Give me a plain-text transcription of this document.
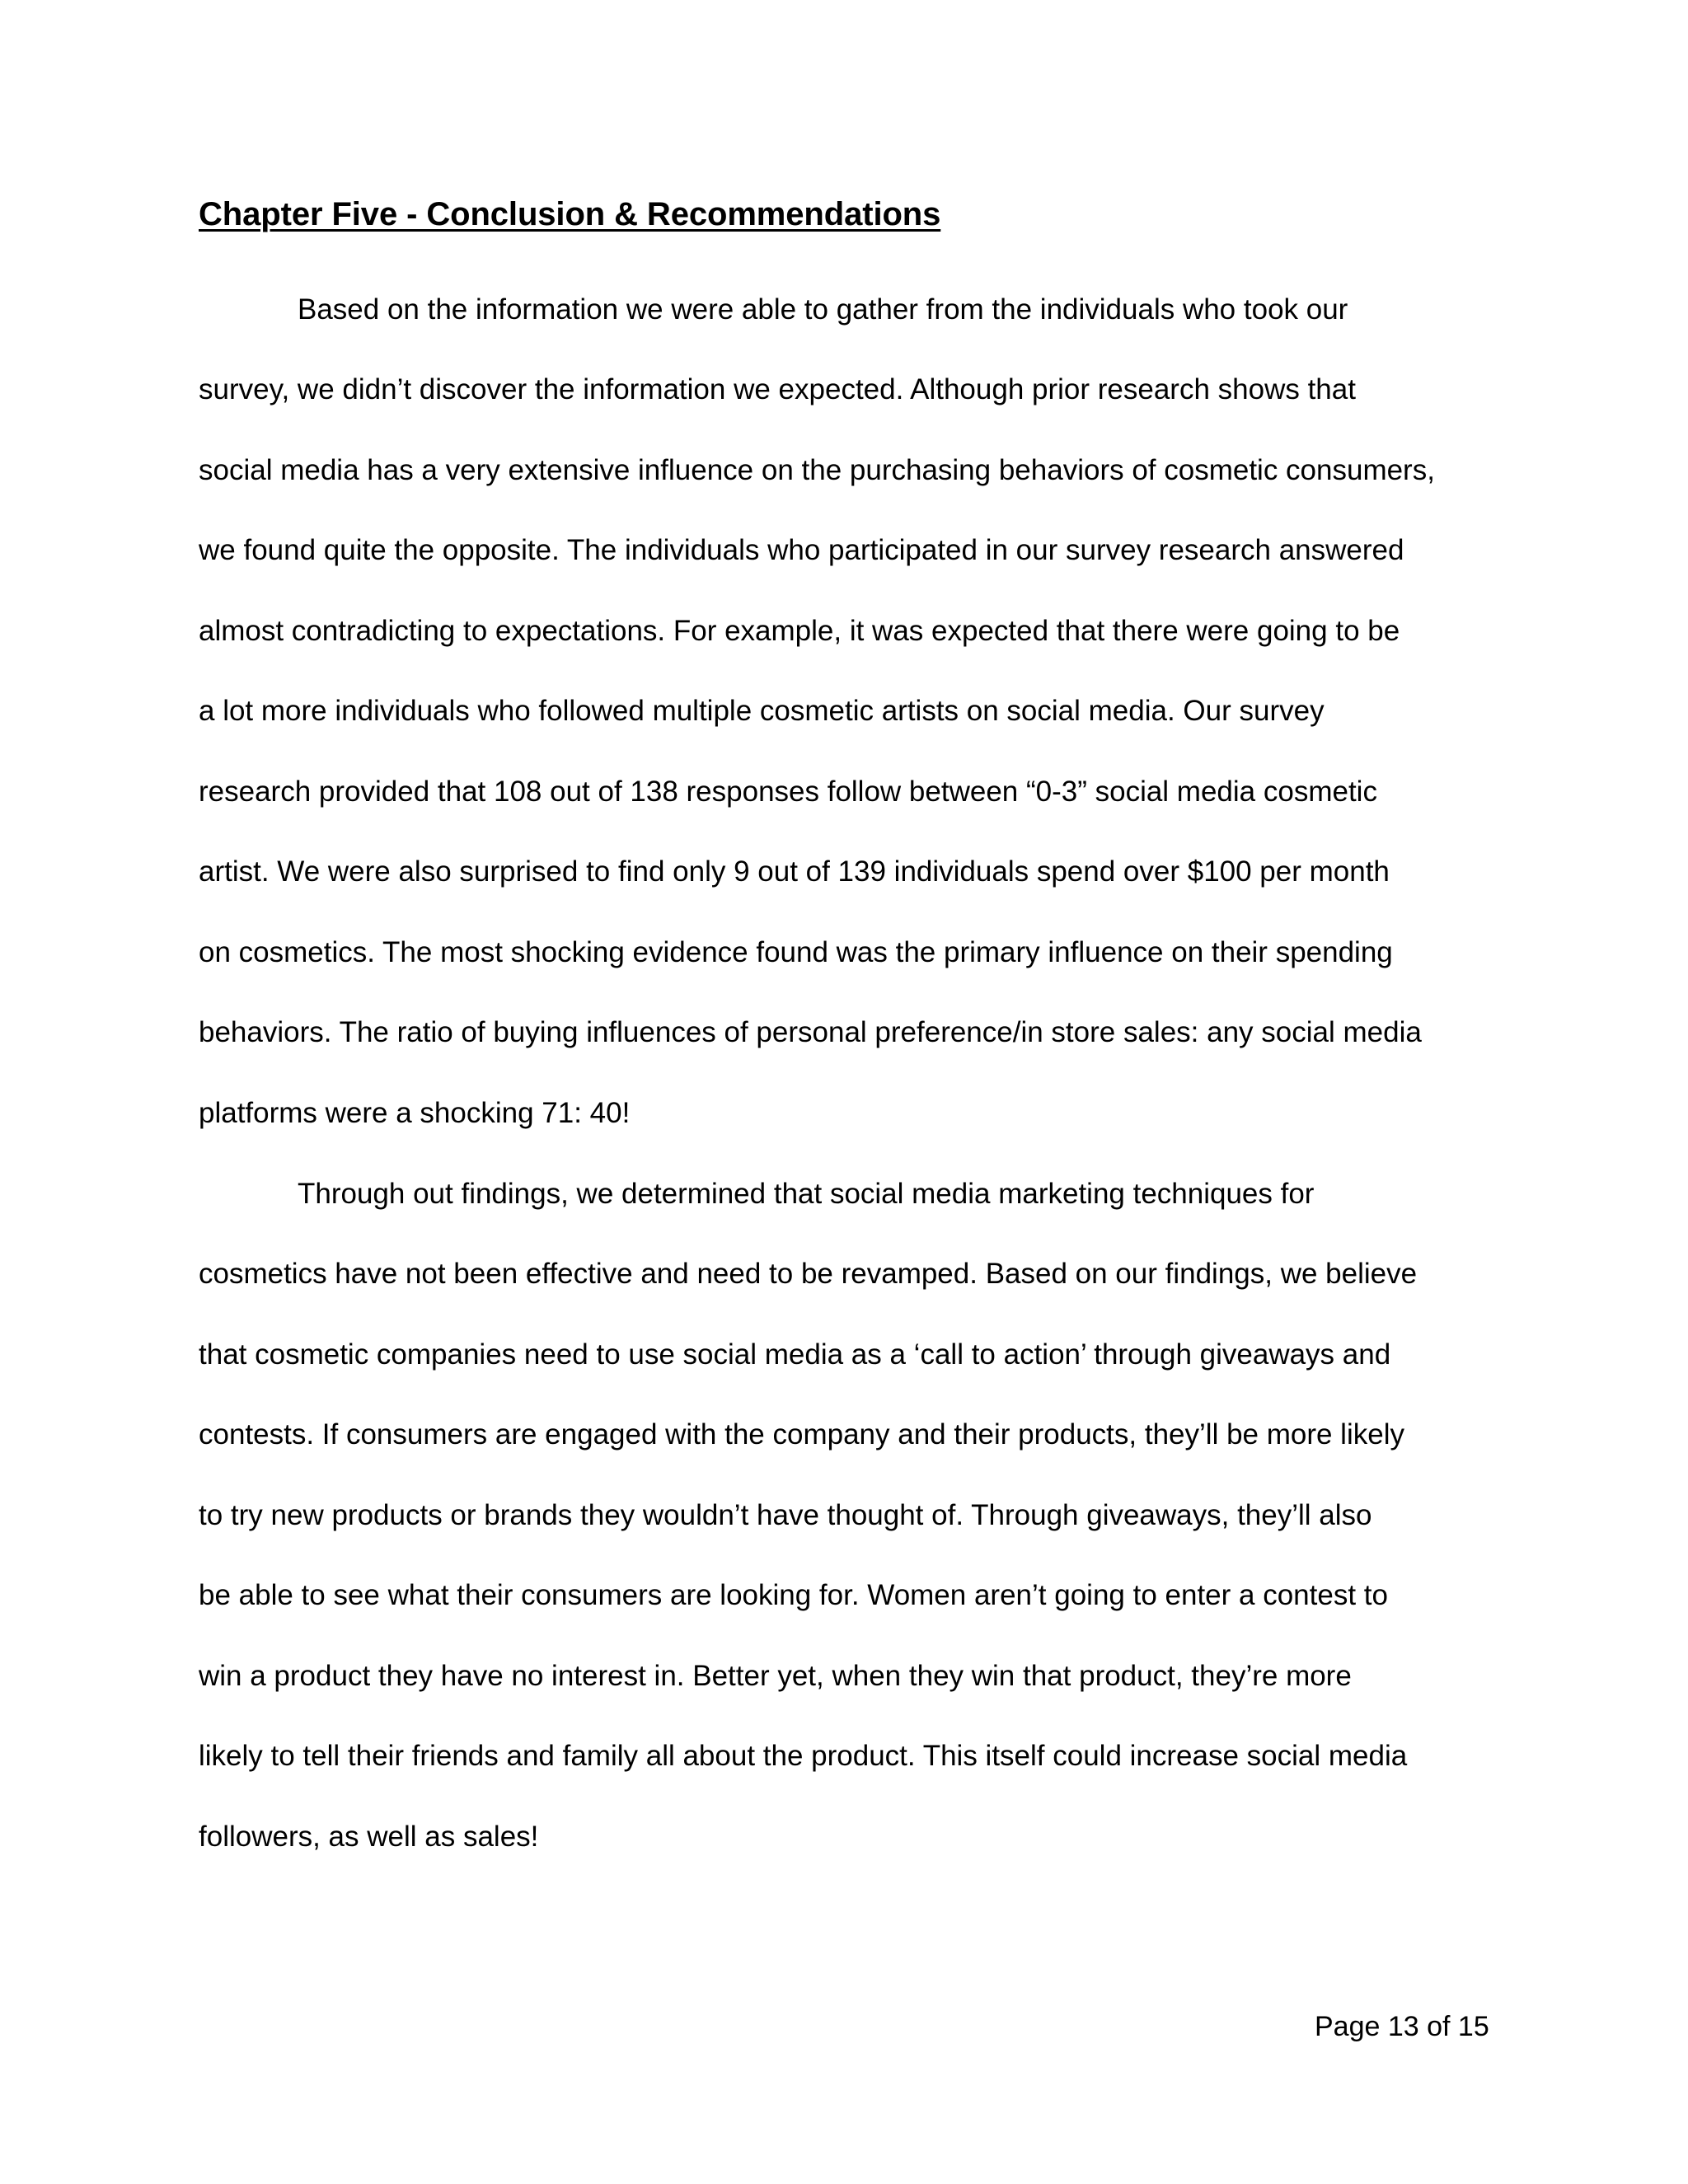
Chapter Five - Conclusion & Recommendations

Based on the information we were able to gather from the individuals who took our

survey, we didn’t discover the information we expected. Although prior research shows that

social media has a very extensive influence on the purchasing behaviors of cosmetic consumers,

we found quite the opposite. The individuals who participated in our survey research answered

almost contradicting to expectations. For example, it was expected that there were going to be

a lot more individuals who followed multiple cosmetic artists on social media. Our survey

research provided that 108 out of 138 responses follow between “0-3” social media cosmetic

artist. We were also surprised to find only 9 out of 139 individuals spend over $100 per month

on cosmetics. The most shocking evidence found was the primary influence on their spending

behaviors. The ratio of buying influences of personal preference/in store sales: any social media

platforms were a shocking 71: 40!

Through out findings, we determined that social media marketing techniques for

cosmetics have not been effective and need to be revamped. Based on our findings, we believe

that cosmetic companies need to use social media as a ‘call to action’ through giveaways and

contests. If consumers are engaged with the company and their products, they’ll be more likely

to try new products or brands they wouldn’t have thought of. Through giveaways, they’ll also

be able to see what their consumers are looking for. Women aren’t going to enter a contest to

win a product they have no interest in. Better yet, when they win that product, they’re more

likely to tell their friends and family all about the product. This itself could increase social media

followers, as well as sales!

Page 13 of 15
